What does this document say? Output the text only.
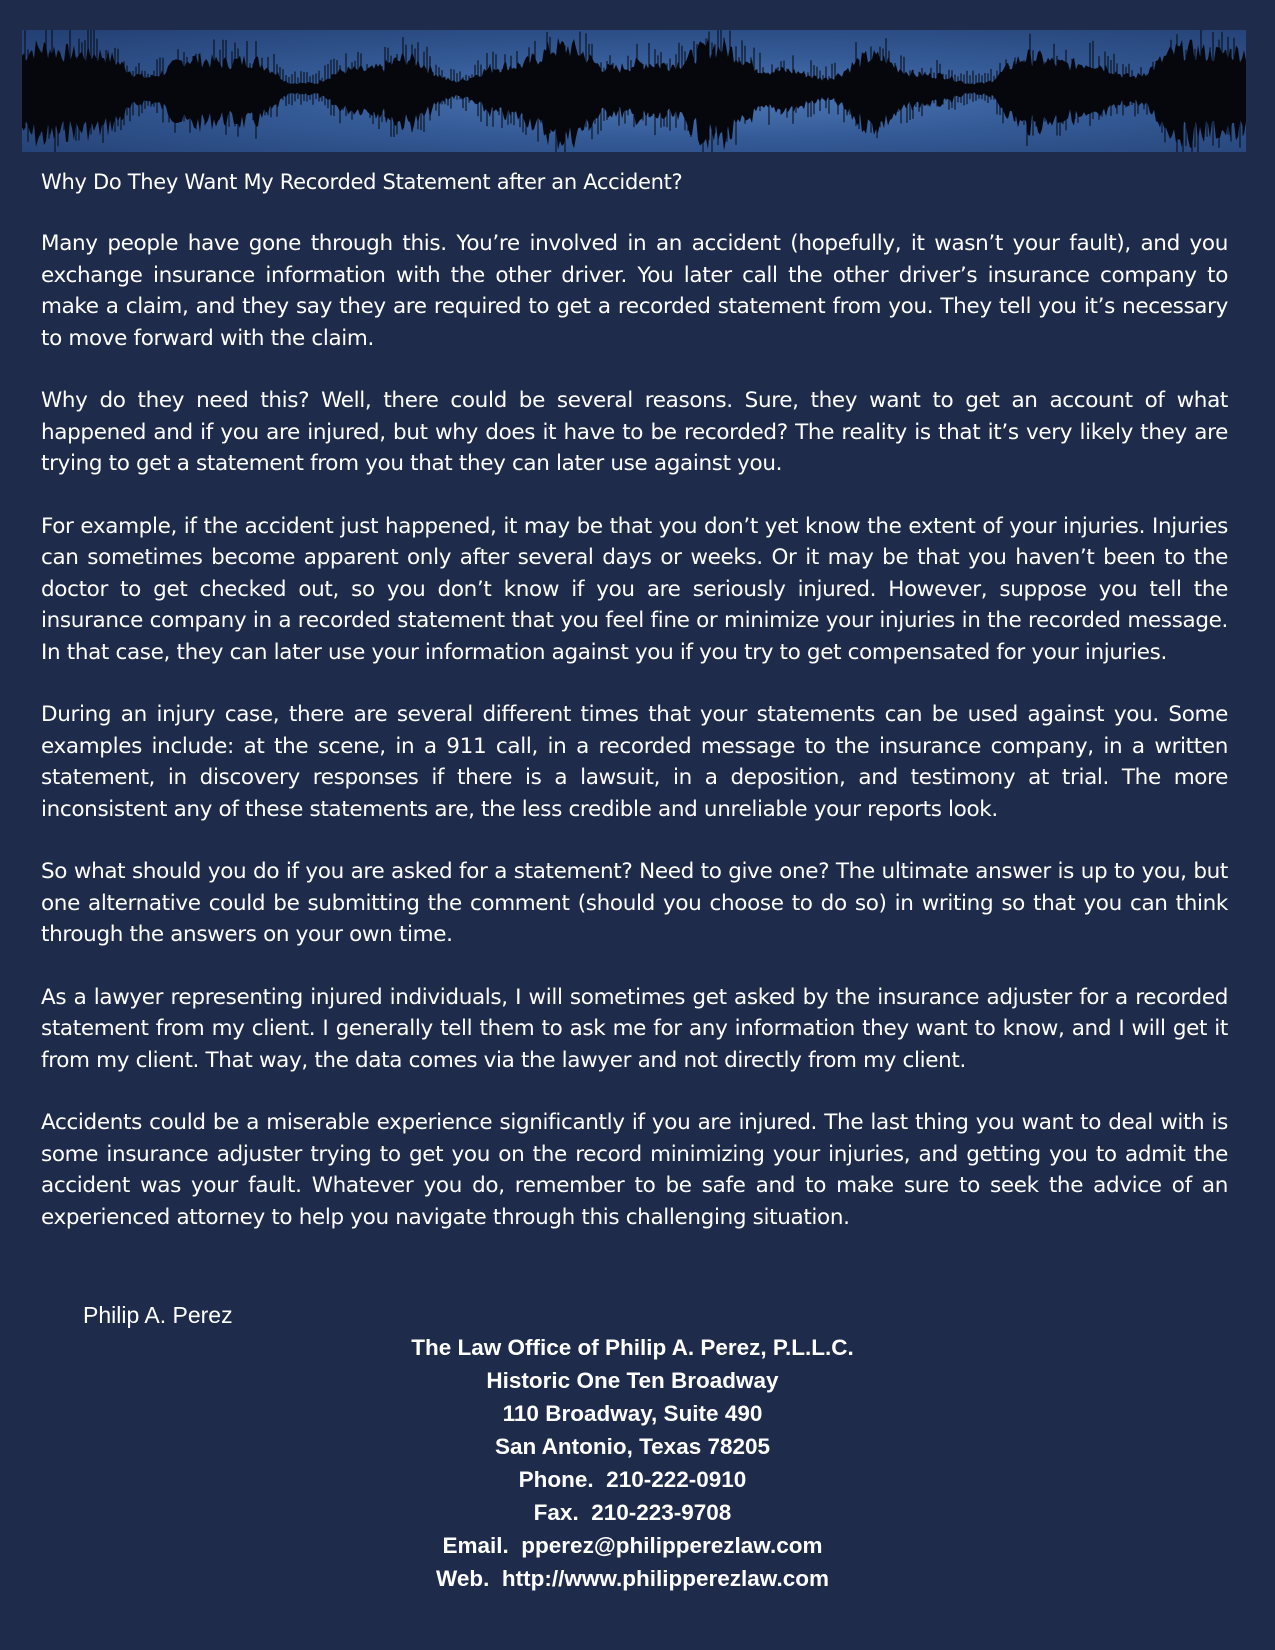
Why Do They Want My Recorded Statement after an Accident?

Many people have gone through this. You’re involved in an accident (hopefully, it wasn’t your fault), and you exchange insurance information with the other driver. You later call the other driver’s insurance company to make a claim, and they say they are required to get a recorded statement from you. They tell you it’s necessary to move forward with the claim.

Why do they need this? Well, there could be several reasons. Sure, they want to get an account of what happened and if you are injured, but why does it have to be recorded? The reality is that it’s very likely they are trying to get a statement from you that they can later use against you.

For example, if the accident just happened, it may be that you don’t yet know the extent of your injuries. Injuries can sometimes become apparent only after several days or weeks. Or it may be that you haven’t been to the doctor to get checked out, so you don’t know if you are seriously injured. However, suppose you tell the insurance company in a recorded statement that you feel fine or minimize your injuries in the recorded message. In that case, they can later use your information against you if you try to get compensated for your injuries.

During an injury case, there are several different times that your statements can be used against you. Some examples include: at the scene, in a 911 call, in a recorded message to the insurance company, in a written statement, in discovery responses if there is a lawsuit, in a deposition, and testimony at trial. The more inconsistent any of these statements are, the less credible and unreliable your reports look.

So what should you do if you are asked for a statement? Need to give one? The ultimate answer is up to you, but one alternative could be submitting the comment (should you choose to do so) in writing so that you can think through the answers on your own time.

As a lawyer representing injured individuals, I will sometimes get asked by the insurance adjuster for a recorded statement from my client. I generally tell them to ask me for any information they want to know, and I will get it from my client. That way, the data comes via the lawyer and not directly from my client.

Accidents could be a miserable experience significantly if you are injured. The last thing you want to deal with is some insurance adjuster trying to get you on the record minimizing your injuries, and getting you to admit the accident was your fault. Whatever you do, remember to be safe and to make sure to seek the advice of an experienced attorney to help you navigate through this challenging situation.

Philip A. Perez
The Law Office of Philip A. Perez, P.L.L.C.
Historic One Ten Broadway
110 Broadway, Suite 490
San Antonio, Texas 78205
Phone.  210-222-0910
Fax.  210-223-9708
Email.  pperez@philipperezlaw.com
Web.  http://www.philipperezlaw.com
